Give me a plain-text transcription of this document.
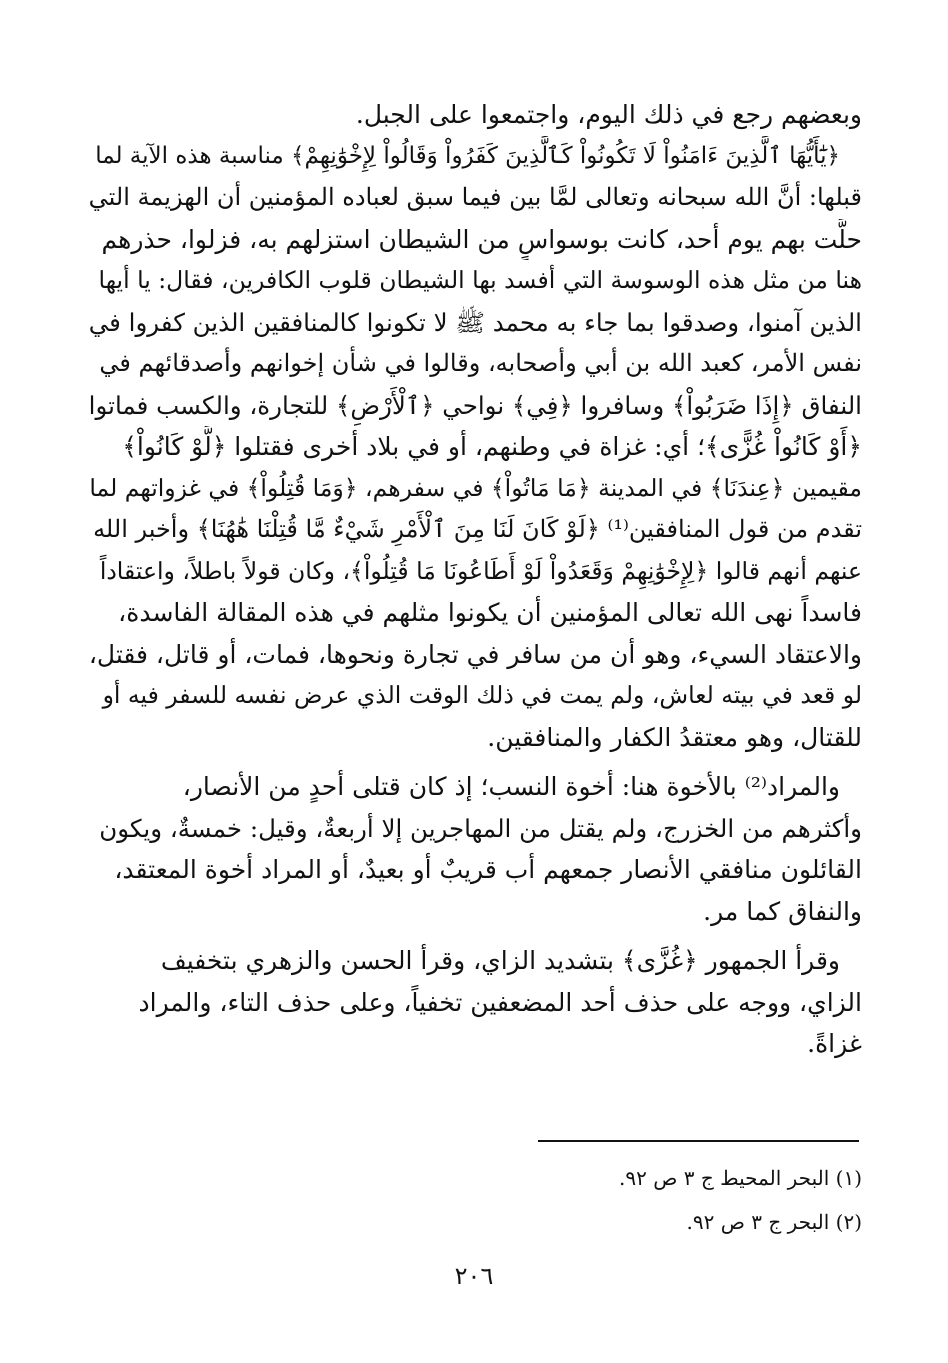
وبعضهم رجع في ذلك اليوم، واجتمعوا على الجبل.
﴿يَٰٓأَيُّهَا ٱلَّذِينَ ءَامَنُواْ لَا تَكُونُواْ كَٱلَّذِينَ كَفَرُواْ وَقَالُواْ لِإِخْوَٰنِهِمْ﴾ مناسبة هذه الآية لما
قبلها: أنَّ الله سبحانه وتعالى لمَّا بين فيما سبق لعباده المؤمنين أن الهزيمة التي
حلَّت بهم يوم أحد، كانت بوسواسٍ من الشيطان استزلهم به، فزلوا، حذرهم
هنا من مثل هذه الوسوسة التي أفسد بها الشيطان قلوب الكافرين، فقال: يا أيها
الذين آمنوا، وصدقوا بما جاء به محمد ﷺ لا تكونوا كالمنافقين الذين كفروا في
نفس الأمر، كعبد الله بن أبي وأصحابه، وقالوا في شأن إخوانهم وأصدقائهم في
النفاق ﴿إِذَا ضَرَبُواْ﴾ وسافروا ﴿فِي﴾ نواحي ﴿ٱلْأَرْضِ﴾ للتجارة، والكسب فماتوا
﴿أَوْ كَانُواْ غُزًّى﴾؛ أي: غزاة في وطنهم، أو في بلاد أخرى فقتلوا ﴿لَّوْ كَانُواْ﴾
مقيمين ﴿عِندَنَا﴾ في المدينة ﴿مَا مَاتُواْ﴾ في سفرهم، ﴿وَمَا قُتِلُواْ﴾ في غزواتهم لما
تقدم من قول المنافقين⁽¹⁾ ﴿لَوْ كَانَ لَنَا مِنَ ٱلْأَمْرِ شَيْءٌ مَّا قُتِلْنَا هَٰهُنَا﴾ وأخبر الله
عنهم أنهم قالوا ﴿لِإِخْوَٰنِهِمْ وَقَعَدُواْ لَوْ أَطَاعُونَا مَا قُتِلُواْ﴾، وكان قولاً باطلاً، واعتقاداً
فاسداً نهى الله تعالى المؤمنين أن يكونوا مثلهم في هذه المقالة الفاسدة،
والاعتقاد السيء، وهو أن من سافر في تجارة ونحوها، فمات، أو قاتل، فقتل،
لو قعد في بيته لعاش، ولم يمت في ذلك الوقت الذي عرض نفسه للسفر فيه أو
للقتال، وهو معتقدُ الكفار والمنافقين.
والمراد⁽²⁾ بالأخوة هنا: أخوة النسب؛ إذ كان قتلى أحدٍ من الأنصار،
وأكثرهم من الخزرج، ولم يقتل من المهاجرين إلا أربعةٌ، وقيل: خمسةٌ، ويكون
القائلون منافقي الأنصار جمعهم أب قريبٌ أو بعيدٌ، أو المراد أخوة المعتقد،
والنفاق كما مر.
وقرأ الجمهور ﴿غُزَّى﴾ بتشديد الزاي، وقرأ الحسن والزهري بتخفيف
الزاي، ووجه على حذف أحد المضعفين تخفياً، وعلى حذف التاء، والمراد
غزاةً.
(١) البحر المحيط ج ٣ ص ٩٢.
(٢) البحر ج ٣ ص ٩٢.
٢٠٦
